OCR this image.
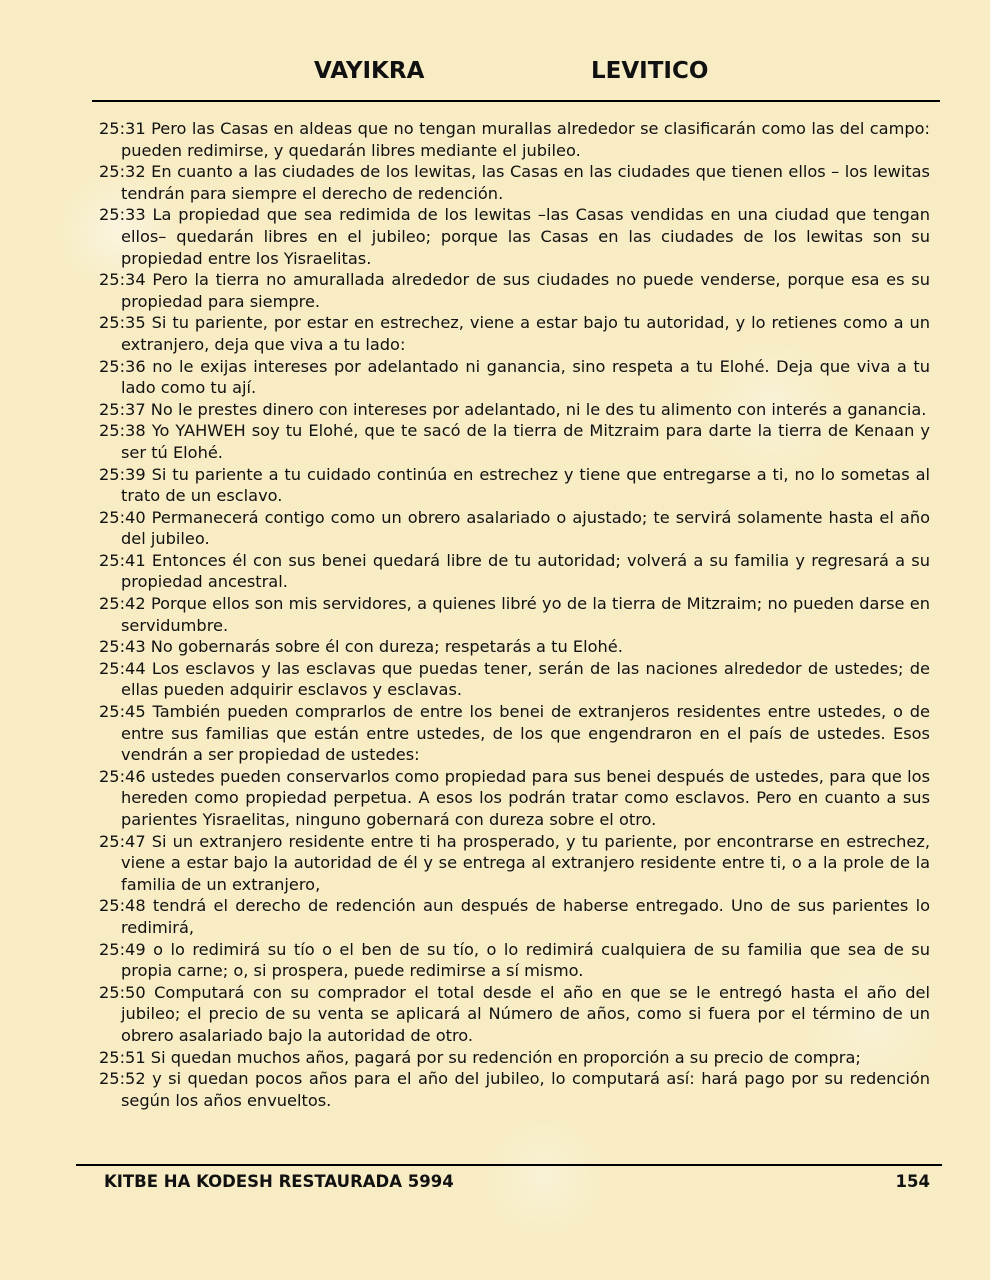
VAYIKRA	LEVITICO

25:31 Pero las Casas en aldeas que no tengan murallas alrededor se clasificarán como las del campo: pueden redimirse, y quedarán libres mediante el jubileo.

25:32 En cuanto a las ciudades de los lewitas, las Casas en las ciudades que tienen ellos – los lewitas tendrán para siempre el derecho de redención.

25:33 La propiedad que sea redimida de los lewitas –las Casas vendidas en una ciudad que tengan ellos– quedarán libres en el jubileo; porque las Casas en las ciudades de los lewitas son su propiedad entre los Yisraelitas.

25:34 Pero la tierra no amurallada alrededor de sus ciudades no puede venderse, porque esa es su propiedad para siempre.

25:35 Si tu pariente, por estar en estrechez, viene a estar bajo tu autoridad, y lo retienes como a un extranjero, deja que viva a tu lado:

25:36 no le exijas intereses por adelantado ni ganancia, sino respeta a tu Elohé. Deja que viva a tu lado como tu ají.

25:37 No le prestes dinero con intereses por adelantado, ni le des tu alimento con interés a ganancia.

25:38 Yo YAHWEH soy tu Elohé, que te sacó de la tierra de Mitzraim para darte la tierra de Kenaan y ser tú Elohé.

25:39 Si tu pariente a tu cuidado continúa en estrechez y tiene que entregarse a ti, no lo sometas al trato de un esclavo.

25:40 Permanecerá contigo como un obrero asalariado o ajustado; te servirá solamente hasta el año del jubileo.

25:41 Entonces él con sus benei quedará libre de tu autoridad; volverá a su familia y regresará a su propiedad ancestral.

25:42 Porque ellos son mis servidores, a quienes libré yo de la tierra de Mitzraim; no pueden darse en servidumbre.

25:43 No gobernarás sobre él con dureza; respetarás a tu Elohé.

25:44 Los esclavos y las esclavas que puedas tener, serán de las naciones alrededor de ustedes; de ellas pueden adquirir esclavos y esclavas.

25:45 También pueden comprarlos de entre los benei de extranjeros residentes entre ustedes, o de entre sus familias que están entre ustedes, de los que engendraron en el país de ustedes. Esos vendrán a ser propiedad de ustedes:

25:46 ustedes pueden conservarlos como propiedad para sus benei después de ustedes, para que los hereden como propiedad perpetua. A esos los podrán tratar como esclavos. Pero en cuanto a sus parientes Yisraelitas, ninguno gobernará con dureza sobre el otro.

25:47 Si un extranjero residente entre ti ha prosperado, y tu pariente, por encontrarse en estrechez, viene a estar bajo la autoridad de él y se entrega al extranjero residente entre ti, o a la prole de la familia de un extranjero,

25:48 tendrá el derecho de redención aun después de haberse entregado. Uno de sus parientes lo redimirá,

25:49 o lo redimirá su tío o el ben de su tío, o lo redimirá cualquiera de su familia que sea de su propia carne; o, si prospera, puede redimirse a sí mismo.

25:50 Computará con su comprador el total desde el año en que se le entregó hasta el año del jubileo; el precio de su venta se aplicará al Número de años, como si fuera por el término de un obrero asalariado bajo la autoridad de otro.

25:51 Si quedan muchos años, pagará por su redención en proporción a su precio de compra;

25:52 y si quedan pocos años para el año del jubileo, lo computará así: hará pago por su redención según los años envueltos.

KITBE HA KODESH RESTAURADA 5994	154
